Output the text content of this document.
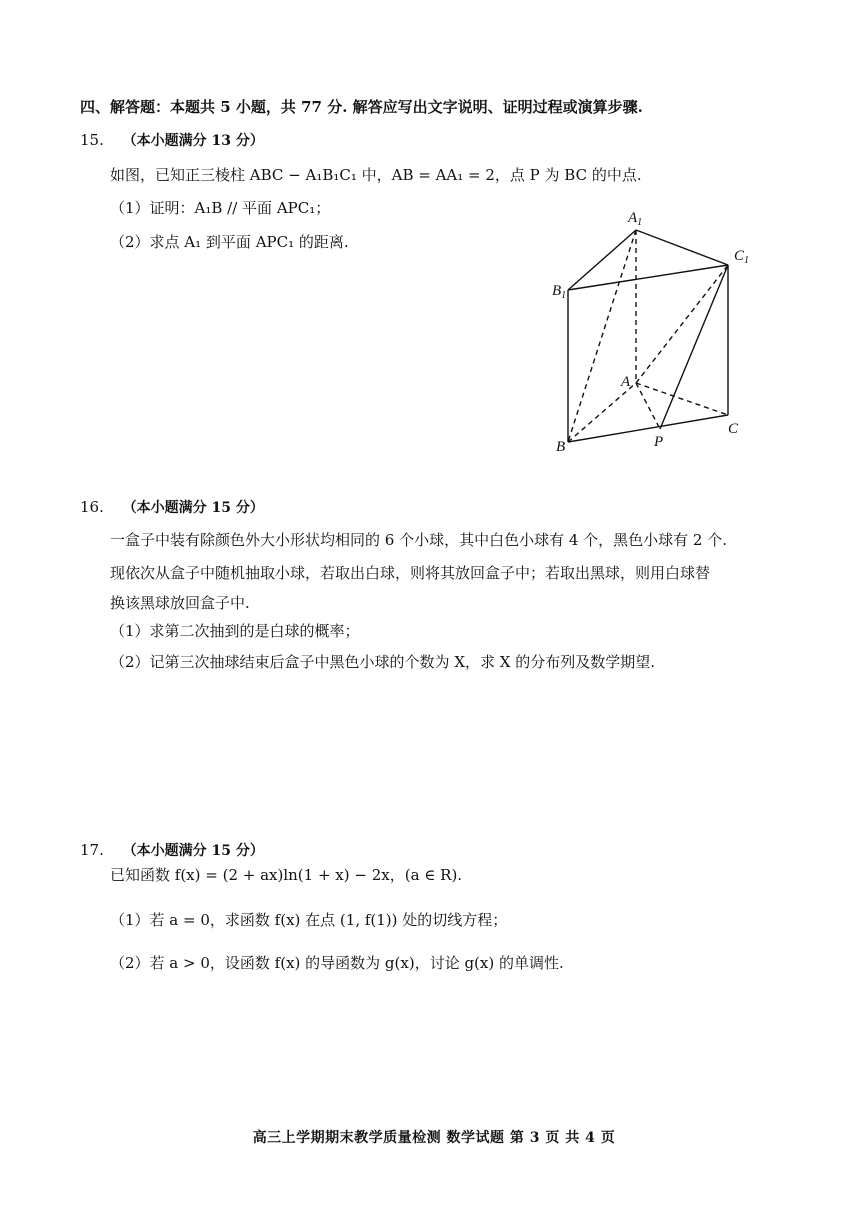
四、解答题：本题共 5 小题，共 77 分. 解答应写出文字说明、证明过程或演算步骤.
15. （本小题满分 13 分）
如图，已知正三棱柱 ABC − A₁B₁C₁ 中，AB = AA₁ = 2，点 P 为 BC 的中点.
（1）证明：A₁B // 平面 APC₁；
（2）求点 A₁ 到平面 APC₁ 的距离.
$A_1$
$C_1$
$B_1$
A
B	P
C
16. （本小题满分 15 分）
一盒子中装有除颜色外大小形状均相同的 6 个小球，其中白色小球有 4 个，黑色小球有 2 个.
现依次从盒子中随机抽取小球，若取出白球，则将其放回盒子中；若取出黑球，则用白球替
换该黑球放回盒子中.
（1）求第二次抽到的是白球的概率；
（2）记第三次抽球结束后盒子中黑色小球的个数为 X，求 X 的分布列及数学期望.
17. （本小题满分 15 分）
已知函数 f(x) = (2 + ax)ln(1 + x) − 2x，(a ∈ R).
（1）若 a = 0，求函数 f(x) 在点 (1, f(1)) 处的切线方程；
（2）若 a > 0，设函数 f(x) 的导函数为 g(x)，讨论 g(x) 的单调性.
高三上学期期末教学质量检测 数学试题 第 3 页 共 4 页
